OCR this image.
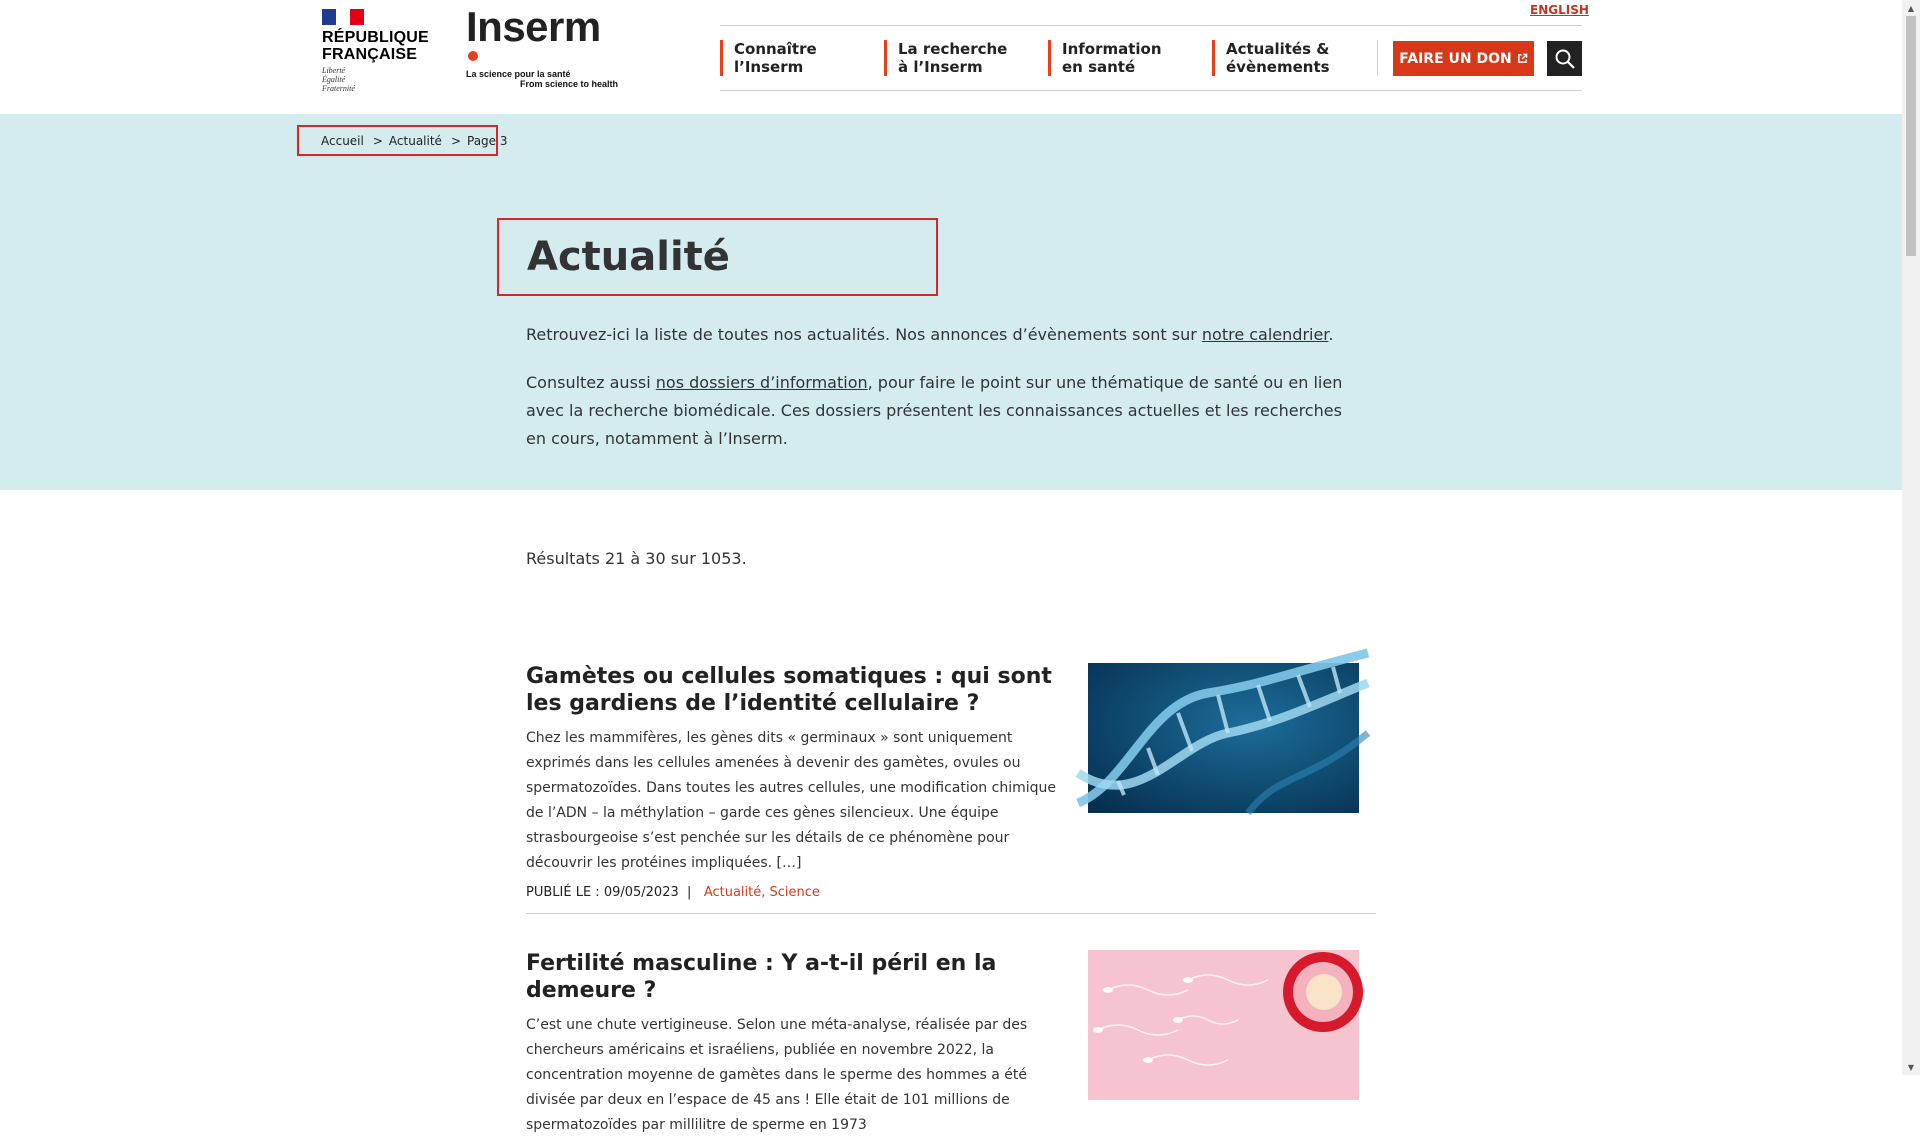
RÉPUBLIQUE
FRANÇAISE
Liberté
Égalité
Fraternité
Inserm
La science pour la santé
From science to health
ENGLISH
Connaître
l’Inserm
La recherche
à l’Inserm
Information
en santé
Actualités &
évènements	FAIRE UN DON
Accueil > Actualité > Page 3
Actualité

Retrouvez-ici la liste de toutes nos actualités. Nos annonces d’évènements sont sur notre calendrier.

Consultez aussi nos dossiers d’information, pour faire le point sur une thématique de santé ou en lien avec la recherche biomédicale. Ces dossiers présentent les connaissances actuelles et les recherches en cours, notamment à l’Inserm.

Résultats 21 à 30 sur 1053.
Gamètes ou cellules somatiques : qui sont les gardiens de l’identité cellulaire ?

Chez les mammifères, les gènes dits « germinaux » sont uniquement exprimés dans les cellules amenées à devenir des gamètes, ovules ou spermatozoïdes. Dans toutes les autres cellules, une modification chimique de l’ADN – la méthylation – garde ces gènes silencieux. Une équipe strasbourgeoise s’est penchée sur les détails de ce phénomène pour découvrir les protéines impliquées. […]

PUBLIÉ LE : 09/05/2023  |   Actualité, Science
Fertilité masculine : Y a-t-il péril en la demeure ?

C’est une chute vertigineuse. Selon une méta-analyse, réalisée par des chercheurs américains et israéliens, publiée en novembre 2022, la concentration moyenne de gamètes dans le sperme des hommes a été divisée par deux en l’espace de 45 ans ! Elle était de 101 millions de spermatozoïdes par millilitre de sperme en 1973

▲
▼
